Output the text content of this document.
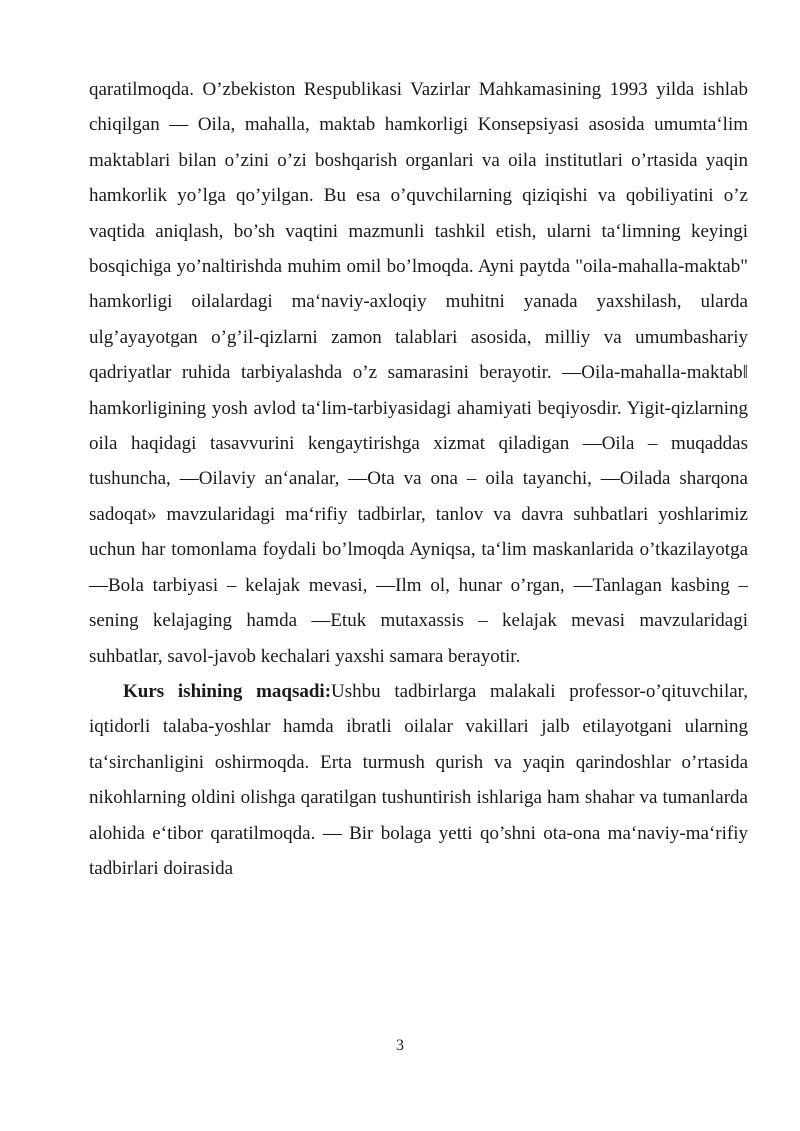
qaratilmoqda. O’zbekiston Respublikasi Vazirlar Mahkamasining 1993 yilda ishlab chiqilgan — Oila, mahalla, maktab hamkorligi Konsepsiyasi asosida umumta‘lim maktablari bilan o’zini o’zi boshqarish organlari va oila institutlari o’rtasida yaqin hamkorlik yo’lga qo’yilgan. Bu esa o’quvchilarning qiziqishi va qobiliyatini o’z vaqtida aniqlash, bo’sh vaqtini mazmunli tashkil etish, ularni ta‘limning keyingi bosqichiga yo’naltirishda muhim omil bo’lmoqda. Ayni paytda "oila-mahalla-maktab" hamkorligi oilalardagi ma‘naviy-axloqiy muhitni yanada yaxshilash, ularda ulg’ayayotgan o’g’il-qizlarni zamon talablari asosida, milliy va umumbashariy qadriyatlar ruhida tarbiyalashda o’z samarasini berayotir. —Oila-mahalla-maktab‖ hamkorligining yosh avlod ta‘lim-tarbiyasidagi ahamiyati beqiyosdir. Yigit-qizlarning oila haqidagi tasavvurini kengaytirishga xizmat qiladigan —Oila – muqaddas tushuncha, —Oilaviy an‘analar, —Ota va ona – oila tayanchi, —Oilada sharqona sadoqat» mavzularidagi ma‘rifiy tadbirlar, tanlov va davra suhbatlari yoshlarimiz uchun har tomonlama foydali bo’lmoqda Ayniqsa, ta‘lim maskanlarida o’tkazilayotga —Bola tarbiyasi – kelajak mevasi, —Ilm ol, hunar o’rgan, —Tanlagan kasbing – sening kelajaging hamda —Etuk mutaxassis – kelajak mevasi mavzularidagi suhbatlar, savol-javob kechalari yaxshi samara berayotir.

Kurs ishining maqsadi:Ushbu tadbirlarga malakali professor-o’qituvchilar, iqtidorli talaba-yoshlar hamda ibratli oilalar vakillari jalb etilayotgani ularning ta‘sirchanligini oshirmoqda. Erta turmush qurish va yaqin qarindoshlar o’rtasida nikohlarning oldini olishga qaratilgan tushuntirish ishlariga ham shahar va tumanlarda alohida e‘tibor qaratilmoqda. — Bir bolaga yetti qo’shni ota-ona ma‘naviy-ma‘rifiy tadbirlari doirasida

3
